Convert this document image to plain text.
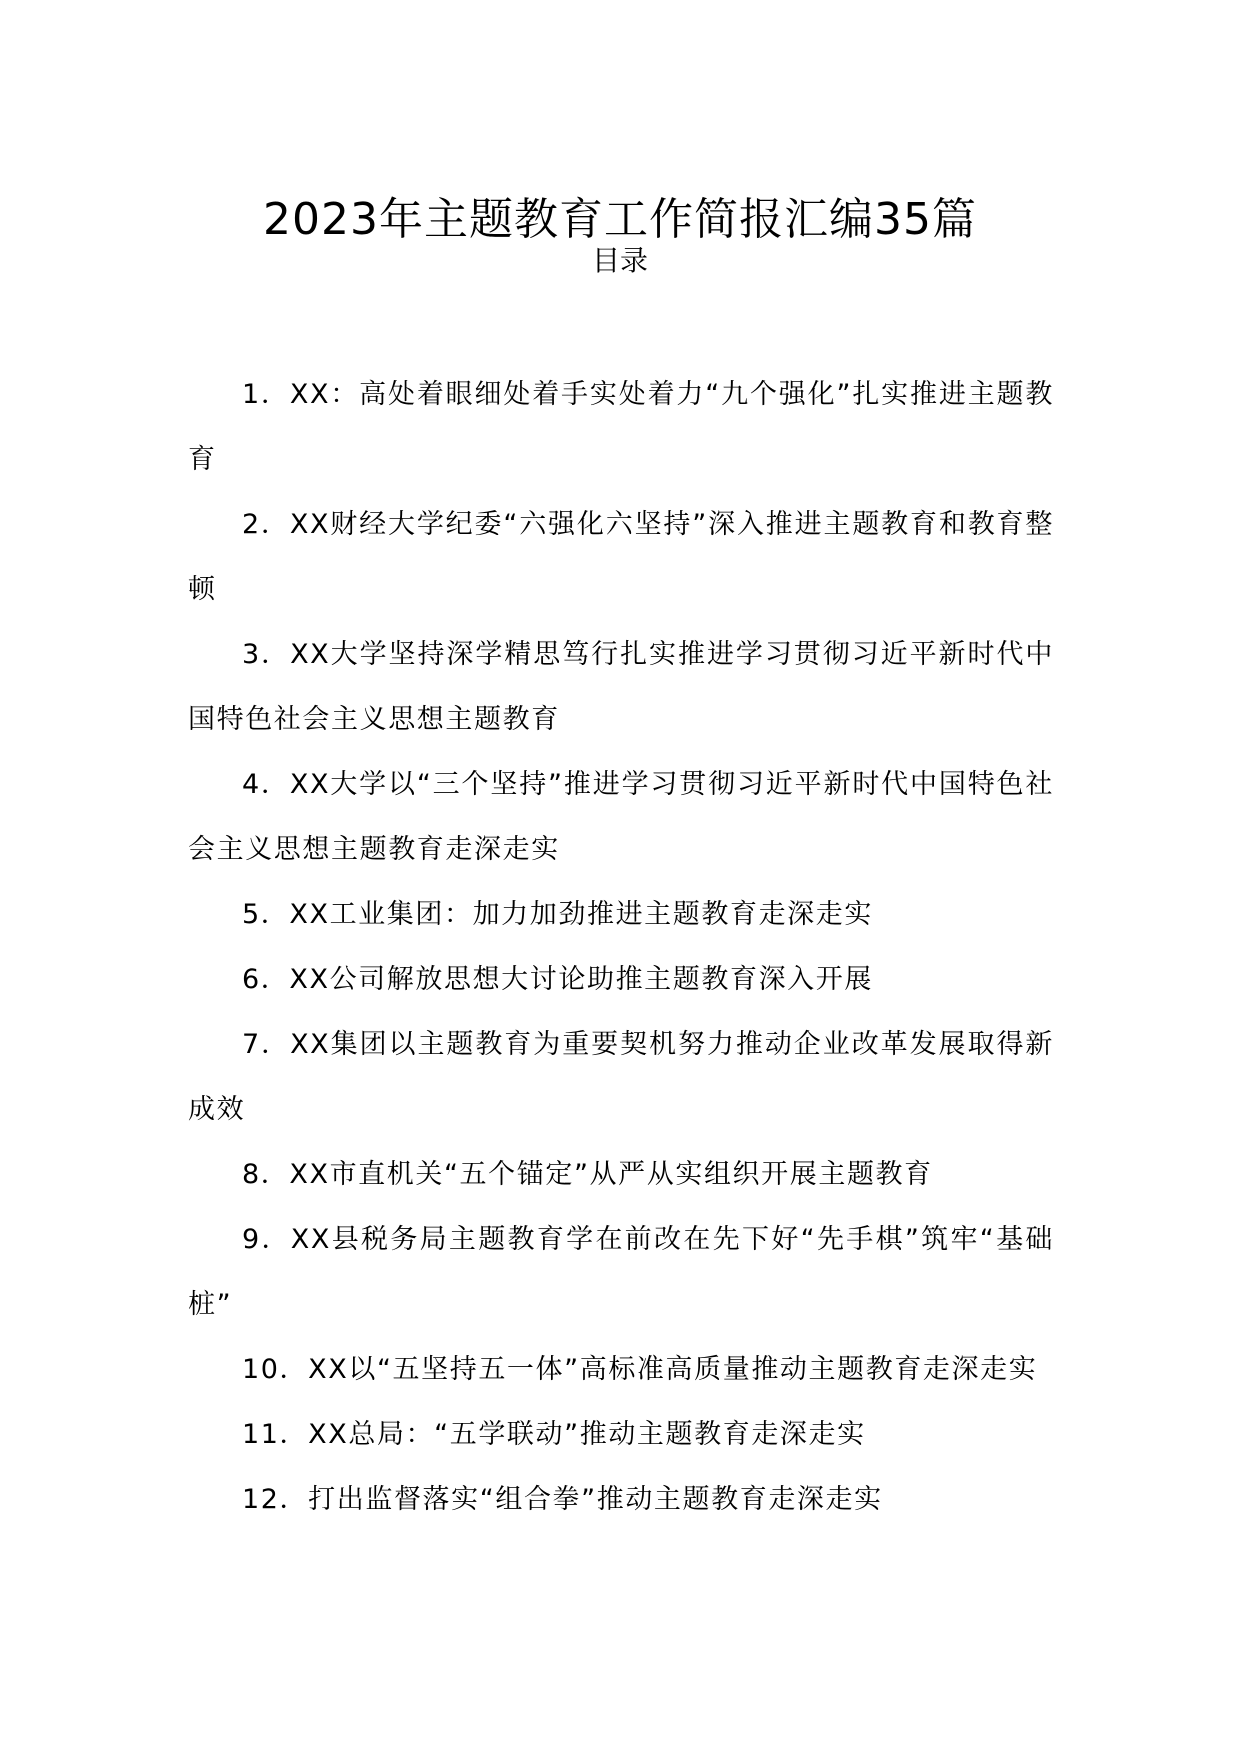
2023年主题教育工作简报汇编35篇
目录
1．XX：高处着眼细处着手实处着力“九个强化”扎实推进主题教育
2．XX财经大学纪委“六强化六坚持”深入推进主题教育和教育整顿
3．XX大学坚持深学精思笃行扎实推进学习贯彻习近平新时代中国特色社会主义思想主题教育
4．XX大学以“三个坚持”推进学习贯彻习近平新时代中国特色社会主义思想主题教育走深走实
5．XX工业集团：加力加劲推进主题教育走深走实
6．XX公司解放思想大讨论助推主题教育深入开展
7．XX集团以主题教育为重要契机努力推动企业改革发展取得新成效
8．XX市直机关“五个锚定”从严从实组织开展主题教育
9．XX县税务局主题教育学在前改在先下好“先手棋”筑牢“基础桩”
10．XX以“五坚持五一体”高标准高质量推动主题教育走深走实
11．XX总局：“五学联动”推动主题教育走深走实
12．打出监督落实“组合拳”推动主题教育走深走实
